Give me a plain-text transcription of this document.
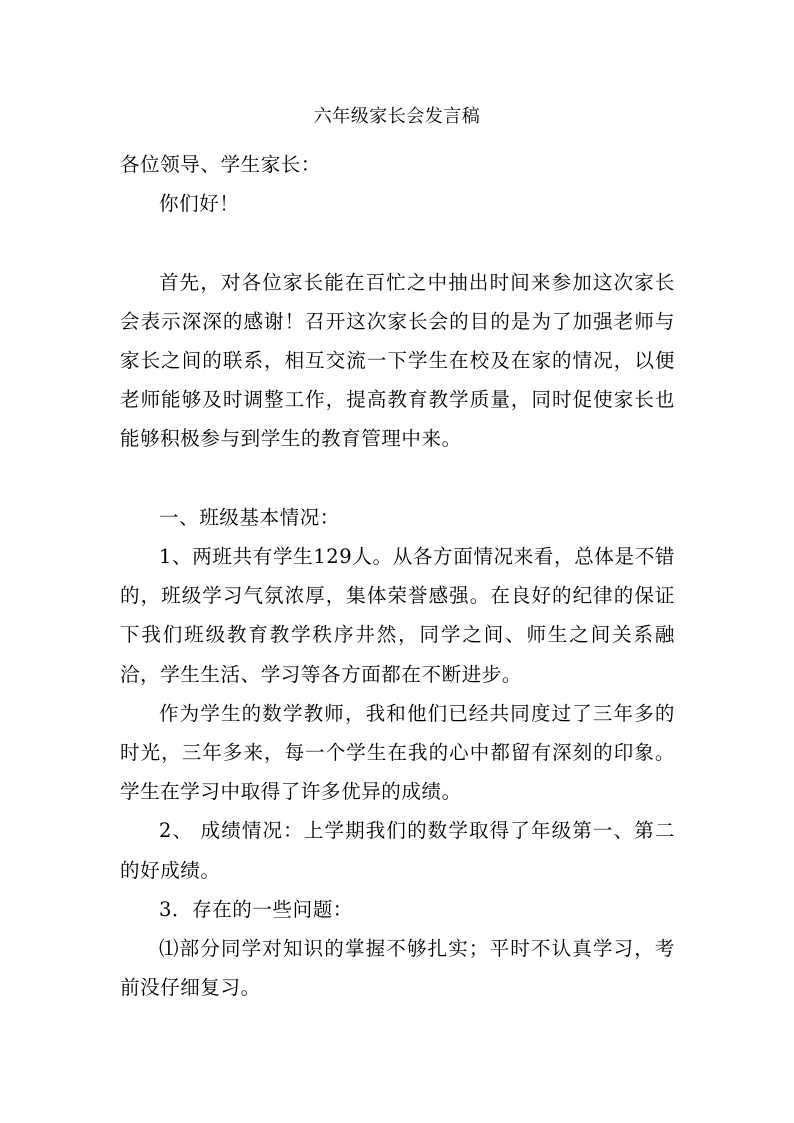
六年级家长会发言稿

各位领导、学生家长：

你们好！

首先，对各位家长能在百忙之中抽出时间来参加这次家长会表示深深的感谢！召开这次家长会的目的是为了加强老师与家长之间的联系，相互交流一下学生在校及在家的情况，以便老师能够及时调整工作，提高教育教学质量，同时促使家长也能够积极参与到学生的教育管理中来。

一、班级基本情况：

1、两班共有学生129人。从各方面情况来看，总体是不错的，班级学习气氛浓厚，集体荣誉感强。在良好的纪律的保证下我们班级教育教学秩序井然，同学之间、师生之间关系融洽，学生生活、学习等各方面都在不断进步。

作为学生的数学教师，我和他们已经共同度过了三年多的时光，三年多来，每一个学生在我的心中都留有深刻的印象。学生在学习中取得了许多优异的成绩。

2、 成绩情况：上学期我们的数学取得了年级第一、第二的好成绩。

3．存在的一些问题：

⑴部分同学对知识的掌握不够扎实；平时不认真学习，考前没仔细复习。
